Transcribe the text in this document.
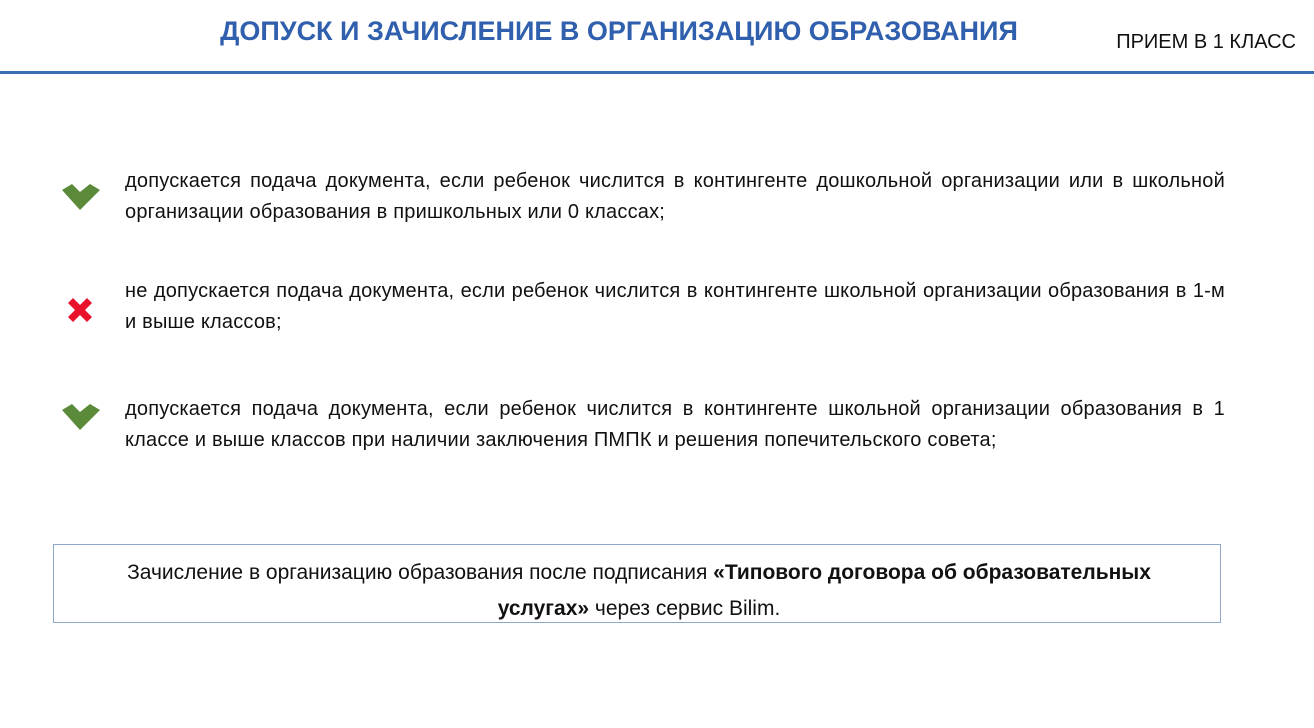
ДОПУСК И ЗАЧИСЛЕНИЕ В ОРГАНИЗАЦИЮ ОБРАЗОВАНИЯ	ПРИЕМ В 1 КЛАСС
допускается подача документа, если ребенок числится в контингенте дошкольной организации или в школьной организации образования в пришкольных или 0 классах;
не допускается подача документа, если ребенок числится в контингенте школьной организации образования в 1-м и выше классов;
допускается подача документа, если ребенок числится в контингенте школьной организации образования в 1 классе и выше классов при наличии заключения ПМПК и решения попечительского совета;
Зачисление в организацию образования после подписания «Типового договора об образовательных услугах» через сервис Bilim.
